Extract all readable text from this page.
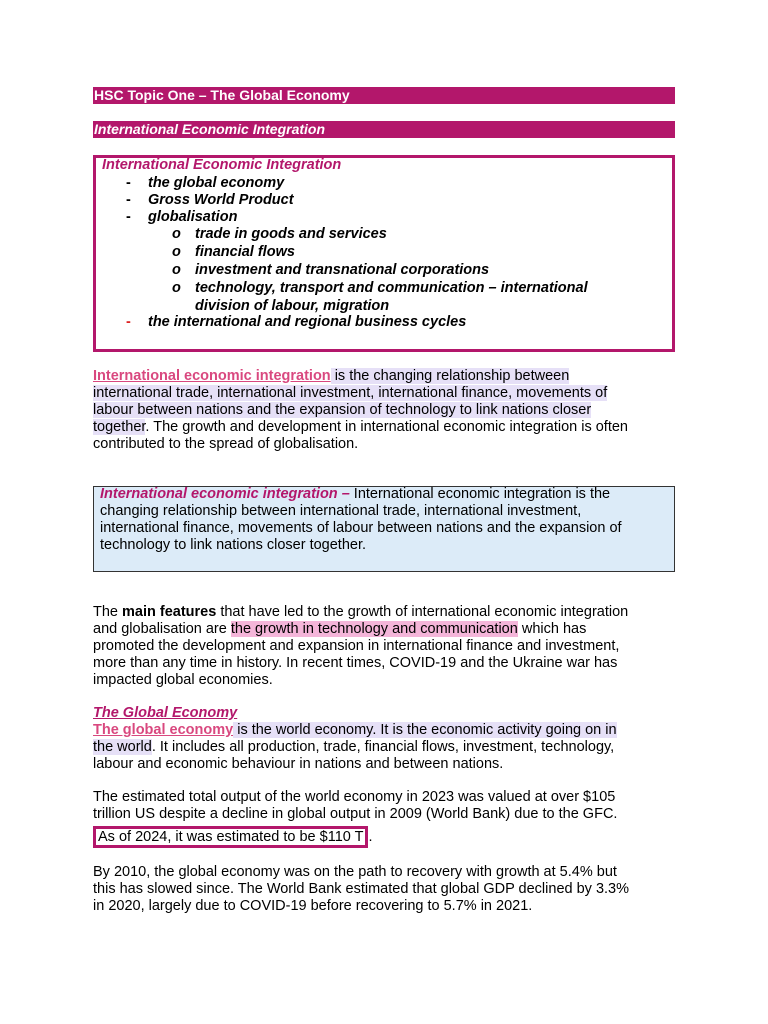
HSC Topic One – The Global Economy
International Economic Integration
International Economic Integration
- the global economy
- Gross World Product
- globalisation
o trade in goods and services
o financial flows
o investment and transnational corporations
o technology, transport and communication – international
division of labour, migration
- the international and regional business cycles
International economic integration is the changing relationship between
international trade, international investment, international finance, movements of
labour between nations and the expansion of technology to link nations closer
together. The growth and development in international economic integration is often
contributed to the spread of globalisation.
International economic integration – International economic integration is the
changing relationship between international trade, international investment,
international finance, movements of labour between nations and the expansion of
technology to link nations closer together.
The main features that have led to the growth of international economic integration
and globalisation are the growth in technology and communication which has
promoted the development and expansion in international finance and investment,
more than any time in history. In recent times, COVID-19 and the Ukraine war has
impacted global economies.
The Global Economy
The global economy is the world economy. It is the economic activity going on in
the world. It includes all production, trade, financial flows, investment, technology,
labour and economic behaviour in nations and between nations.
The estimated total output of the world economy in 2023 was valued at over $105
trillion US despite a decline in global output in 2009 (World Bank) due to the GFC.
As of 2024, it was estimated to be $110 T .
By 2010, the global economy was on the path to recovery with growth at 5.4% but
this has slowed since. The World Bank estimated that global GDP declined by 3.3%
in 2020, largely due to COVID-19 before recovering to 5.7% in 2021.
